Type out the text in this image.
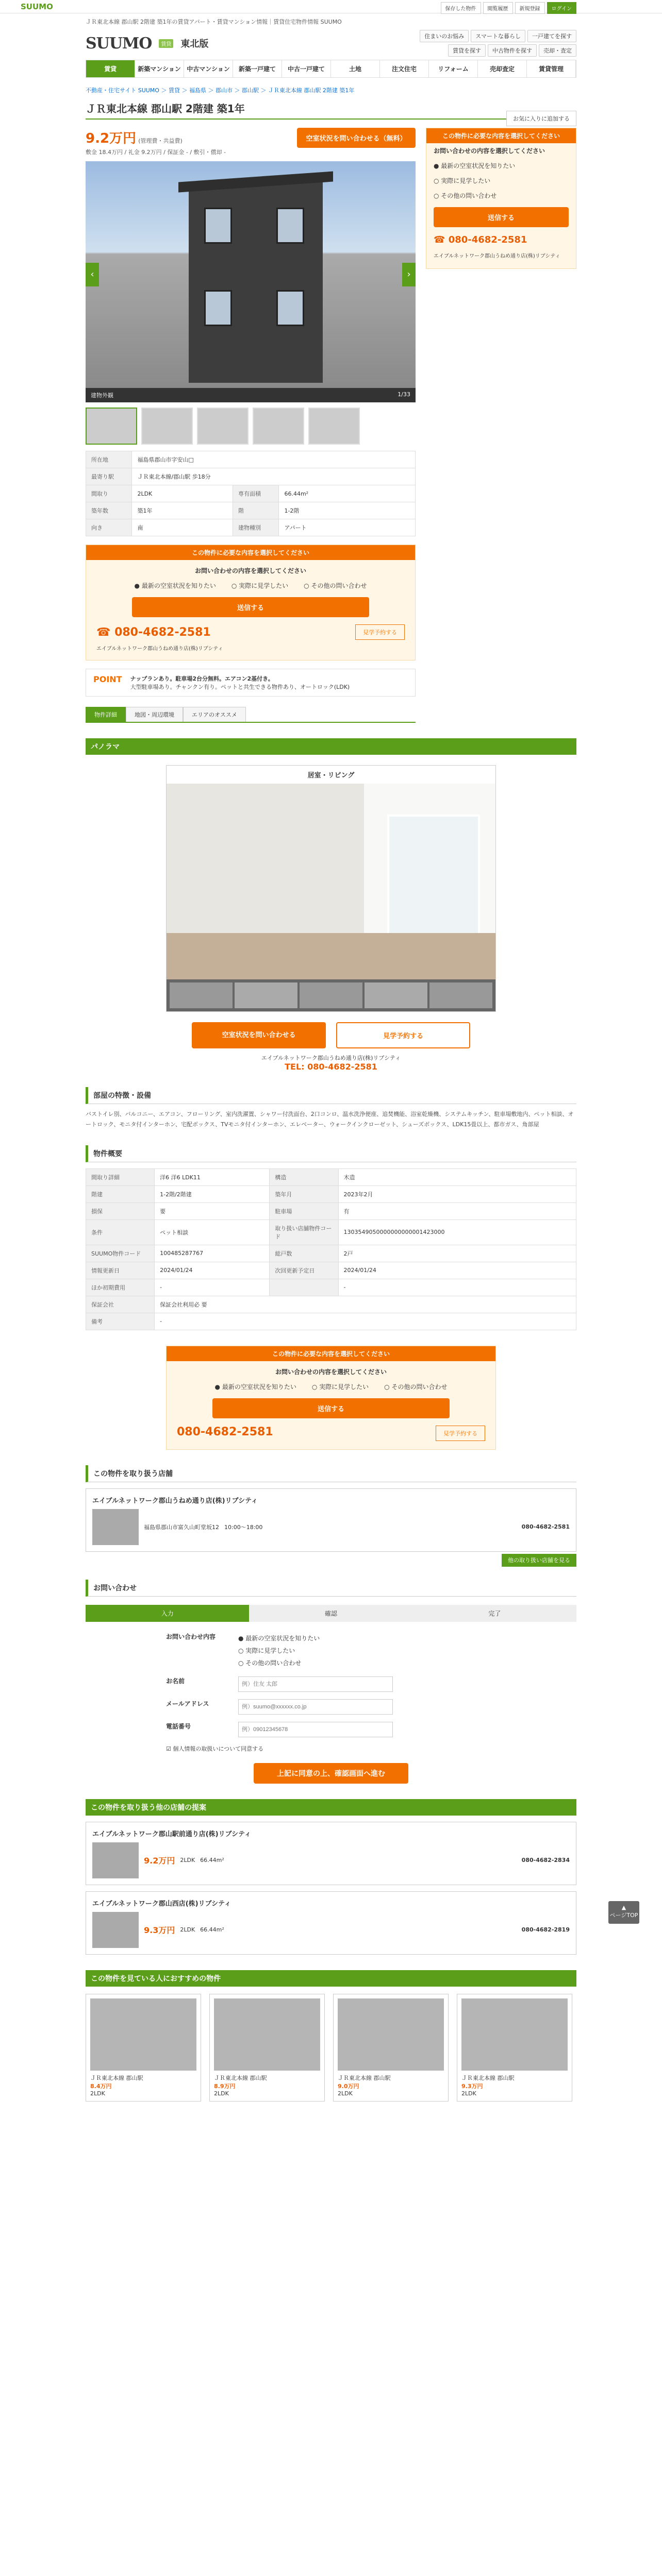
SUUMO	保存した物件	閲覧履歴	新規登録	ログイン
ＪＲ東北本線 郡山駅 2階建 築1年の賃貸アパート・賃貸マンション情報｜賃貸住宅物件情報 SUUMO
SUUMO	賃貸 東北版
住まいのお悩み	スマートな暮らし	一戸建てを探す
賃貸を探す	中古物件を探す	売却・査定
賃貸	新築マンション 中古マンション	新築一戸建て	中古一戸建て	土地	注文住宅	リフォーム	売却査定	賃貸管理
不動産・住宅サイト SUUMO ＞ 賃貸 ＞ 福島県 ＞ 郡山市 ＞ 郡山駅 ＞ ＪＲ東北本線 郡山駅 2階建 築1年
ＪＲ東北本線 郡山駅 2階建 築1年
お気に入りに追加する
9.2万円 (管理費・共益費)
敷金 18.4万円 / 礼金 9.2万円 / 保証金 - / 敷引・償却 -
空室状況を問い合わせる（無料）
‹	›
建物外観	1/33
所在地	福島県郡山市字安山□		
最寄り駅	ＪＲ東北本線/郡山駅 歩18分		
間取り	2LDK	専有面積	66.44m²
築年数	築1年	階	1-2階
向き	南	建物種別	アパート
この物件に必要な内容を選択してください
お問い合わせの内容を選択してください
● 最新の空室状況を知りたい	○ 実際に見学したい	○ その他の問い合わせ
送信する
☎ 080-4682-2581	見学予約する
エイブルネットワーク郡山うねめ通り店(株)リブシティ
POINT ナップランあり。駐車場2台分無料。エアコン2基付き。
大型駐車場あり。チャンクン有り。ペットと共生できる物件あり、オートロック(LDK)
物件詳細	地図・周辺環境	エリアのオススメ
この物件に必要な内容を選択してください
お問い合わせの内容を選択してください
● 最新の空室状況を知りたい
○ 実際に見学したい
○ その他の問い合わせ
送信する
☎ 080-4682-2581
エイブルネットワーク郡山うねめ通り店(株)リブシティ
パノラマ
居室・リビング
空室状況を問い合わせる	見学予約する
エイブルネットワーク郡山うねめ通り店(株)リブシティ
TEL: 080-4682-2581
部屋の特徴・設備
バストイレ別、バルコニー、エアコン、フローリング、室内洗濯置、シャワー付洗面台、2口コンロ、温水洗浄便座、追焚機能、浴室乾燥機、システムキッチン、駐車場敷地内、ペット相談、オートロック、モニタ付インターホン、宅配ボックス、TVモニタ付インターホン、エレベーター、ウォークインクローゼット、シューズボックス、LDK15畳以上、都市ガス、角部屋
物件概要
間取り詳細	洋6 洋6 LDK11	構造	木造
階建	1-2階/2階建	築年月	2023年2月
損保	要	駐車場	有
条件	ペット相談	取り扱い店舗物件コード	1303549050000000000001423000
SUUMO物件コード	100485287767	総戸数	2戸
情報更新日	2024/01/24	次回更新予定日	2024/01/24
ほか初期費用	-		-
保証会社	保証会社利用必 要		
備考	-		
この物件に必要な内容を選択してください
お問い合わせの内容を選択してください
● 最新の空室状況を知りたい	○ 実際に見学したい	○ その他の問い合わせ
送信する
080-4682-2581	見学予約する
この物件を取り扱う店舗
エイブルネットワーク郡山うねめ通り店(株)リブシティ
福島県郡山市富久山町堂坂12 10:00～18:00	080-4682-2581
他の取り扱い店舗を見る
お問い合わせ
入力	確認	完了
お問い合わせ内容	● 最新の空室状況を知りたい
○ 実際に見学したい
○ その他の問い合わせ
お名前
例）住友 太郎
メールアドレス
例）suumo@xxxxxx.co.jp
電話番号
例）09012345678
☑ 個人情報の取扱いについて同意する
上記に同意の上、確認画面へ進む
この物件を取り扱う他の店舗の提案
エイブルネットワーク郡山駅前通り店(株)リブシティ
9.2万円 2LDK 66.44m²	080-4682-2834
エイブルネットワーク郡山西店(株)リブシティ
9.3万円 2LDK 66.44m²	080-4682-2819
この物件を見ている人におすすめの物件
ＪＲ東北本線 郡山駅
8.4万円
2LDK
ＪＲ東北本線 郡山駅
8.9万円
2LDK
ＪＲ東北本線 郡山駅
9.0万円
2LDK
ＪＲ東北本線 郡山駅
9.3万円
2LDK
▲
ページTOP
